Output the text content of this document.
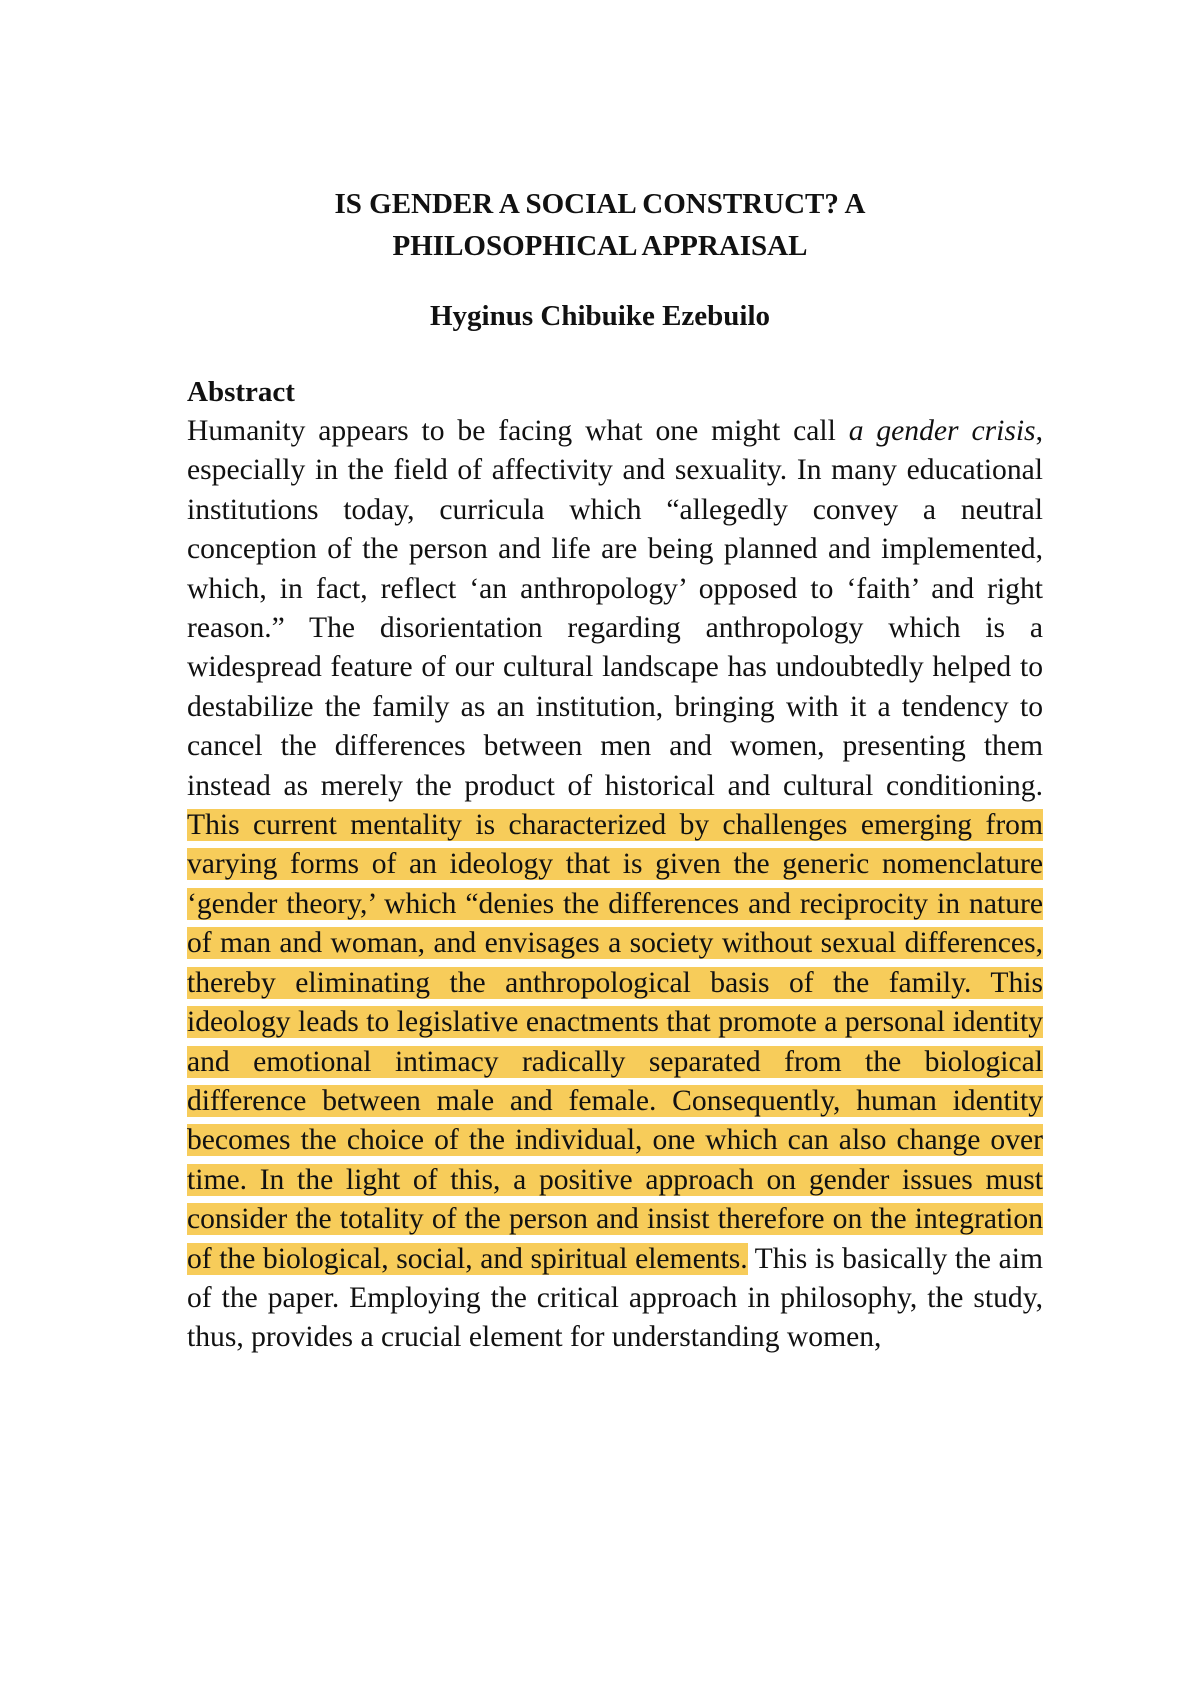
IS GENDER A SOCIAL CONSTRUCT? A
PHILOSOPHICAL APPRAISAL
Hyginus Chibuike Ezebuilo
Abstract

Humanity appears to be facing what one might call a gender crisis, especially in the field of affectivity and sexuality. In many educational institutions today, curricula which “allegedly convey a neutral conception of the person and life are being planned and implemented, which, in fact, reflect ‘an anthropology’ opposed to ‘faith’ and right reason.” The disorientation regarding anthropology which is a widespread feature of our cultural landscape has undoubtedly helped to destabilize the family as an institution, bringing with it a tendency to cancel the differences between men and women, presenting them instead as merely the product of historical and cultural conditioning. This current mentality is characterized by challenges emerging from varying forms of an ideology that is given the generic nomenclature ‘gender theory,’ which “denies the differences and reciprocity in nature of man and woman, and envisages a society without sexual differences, thereby eliminating the anthropological basis of the family. This ideology leads to legislative enactments that promote a personal identity and emotional intimacy radically separated from the biological difference between male and female. Consequently, human identity becomes the choice of the individual, one which can also change over time. In the light of this, a positive approach on gender issues must consider the totality of the person and insist therefore on the integration of the biological, social, and spiritual elements. This is basically the aim of the paper. Employing the critical approach in philosophy, the study, thus, provides a crucial element for understanding women,
